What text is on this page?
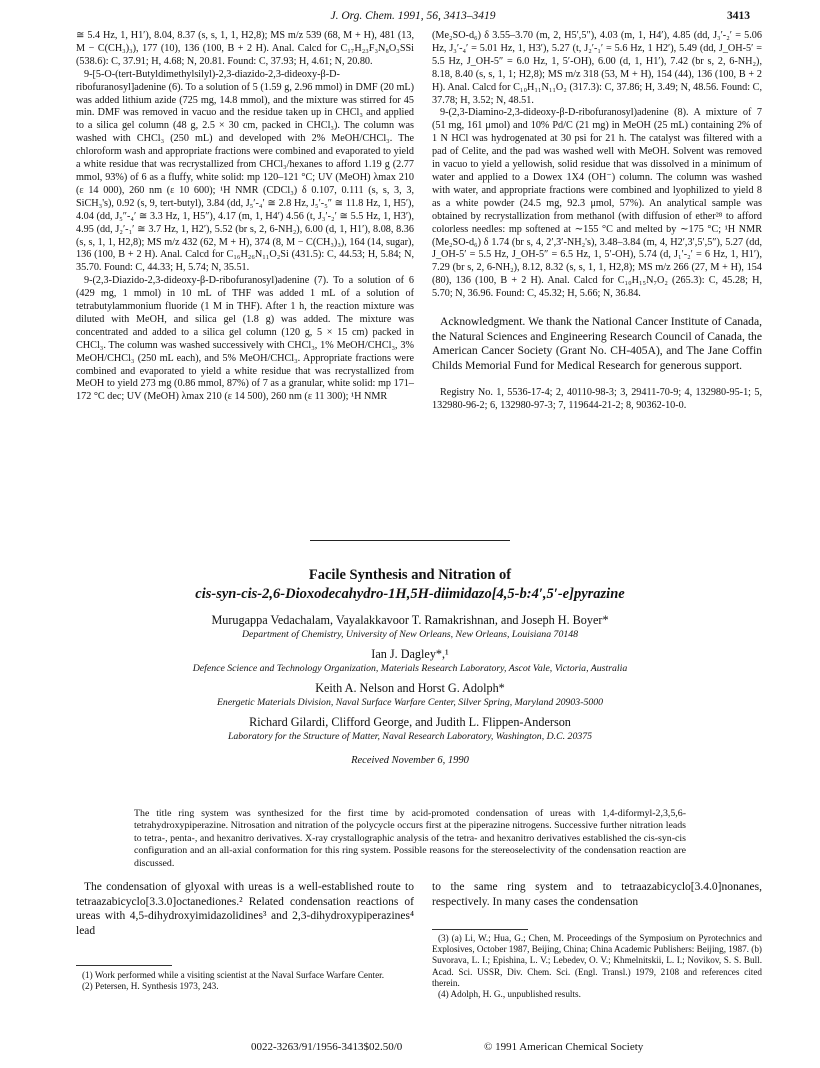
J. Org. Chem. 1991, 56, 3413–3419	3413

≅ 5.4 Hz, 1, H1′), 8.04, 8.37 (s, s, 1, 1, H2,8); MS m/z 539 (68, M + H), 481 (13, M − C(CH₃)₃), 177 (10), 136 (100, B + 2 H). Anal. Calcd for C₁₇H₂₃F₃N₈O₃SSi (538.6): C, 37.91; H, 4.68; N, 20.81. Found: C, 37.93; H, 4.61; N, 20.80.

9-[5-O-(tert-Butyldimethylsilyl)-2,3-diazido-2,3-dideoxy-β-D-ribofuranosyl]adenine (6). To a solution of 5 (1.59 g, 2.96 mmol) in DMF (20 mL) was added lithium azide (725 mg, 14.8 mmol), and the mixture was stirred for 45 min. DMF was removed in vacuo and the residue taken up in CHCl₃ and applied to a silica gel column (48 g, 2.5 × 30 cm, packed in CHCl₃). The column was washed with CHCl₃ (250 mL) and developed with 2% MeOH/CHCl₃. The chloroform wash and appropriate fractions were combined and evaporated to yield a white residue that was recrystallized from CHCl₃/hexanes to afford 1.19 g (2.77 mmol, 93%) of 6 as a fluffy, white solid: mp 120–121 °C; UV (MeOH) λmax 210 (ε 14 000), 260 nm (ε 10 600); ¹H NMR (CDCl₃) δ 0.107, 0.111 (s, s, 3, 3, SiCH₃'s), 0.92 (s, 9, tert-butyl), 3.84 (dd, J₅′-₄′ ≅ 2.8 Hz, J₅′-₅″ ≅ 11.8 Hz, 1, H5′), 4.04 (dd, J₅″-₄′ ≅ 3.3 Hz, 1, H5″), 4.17 (m, 1, H4′) 4.56 (t, J₃′-₂′ ≅ 5.5 Hz, 1, H3′), 4.95 (dd, J₂′-₁′ ≅ 3.7 Hz, 1, H2′), 5.52 (br s, 2, 6-NH₂), 6.00 (d, 1, H1′), 8.08, 8.36 (s, s, 1, 1, H2,8); MS m/z 432 (62, M + H), 374 (8, M − C(CH₃)₃), 164 (14, sugar), 136 (100, B + 2 H). Anal. Calcd for C₁₆H₂₆N₁₁O₂Si (431.5): C, 44.53; H, 5.84; N, 35.70. Found: C, 44.33; H, 5.74; N, 35.51.

9-(2,3-Diazido-2,3-dideoxy-β-D-ribofuranosyl)adenine (7). To a solution of 6 (429 mg, 1 mmol) in 10 mL of THF was added 1 mL of a solution of tetrabutylammonium fluoride (1 M in THF). After 1 h, the reaction mixture was diluted with MeOH, and silica gel (1.8 g) was added. The mixture was concentrated and added to a silica gel column (120 g, 5 × 15 cm) packed in CHCl₃. The column was washed successively with CHCl₃, 1% MeOH/CHCl₃, 3% MeOH/CHCl₃ (250 mL each), and 5% MeOH/CHCl₃. Appropriate fractions were combined and evaporated to yield a white residue that was recrystallized from MeOH to yield 273 mg (0.86 mmol, 87%) of 7 as a granular, white solid: mp 171–172 °C dec; UV (MeOH) λmax 210 (ε 14 500), 260 nm (ε 11 300); ¹H NMR

(Me₂SO-d₆) δ 3.55–3.70 (m, 2, H5′,5″), 4.03 (m, 1, H4′), 4.85 (dd, J₃′-₂′ = 5.06 Hz, J₃′-₄′ = 5.01 Hz, 1, H3′), 5.27 (t, J₂′-₁′ = 5.6 Hz, 1 H2′), 5.49 (dd, J_OH-5′ = 5.5 Hz, J_OH-5″ = 6.0 Hz, 1, 5′-OH), 6.00 (d, 1, H1′), 7.42 (br s, 2, 6-NH₂), 8.18, 8.40 (s, s, 1, 1; H2,8); MS m/z 318 (53, M + H), 154 (44), 136 (100, B + 2 H). Anal. Calcd for C₁₀H₁₁N₁₁O₂ (317.3): C, 37.86; H, 3.49; N, 48.56. Found: C, 37.78; H, 3.52; N, 48.51.

9-(2,3-Diamino-2,3-dideoxy-β-D-ribofuranosyl)adenine (8). A mixture of 7 (51 mg, 161 μmol) and 10% Pd/C (21 mg) in MeOH (25 mL) containing 2% of 1 N HCl was hydrogenated at 30 psi for 21 h. The catalyst was filtered with a pad of Celite, and the pad was washed well with MeOH. Solvent was removed in vacuo to yield a yellowish, solid residue that was dissolved in a minimum of water and applied to a Dowex 1X4 (OH⁻) column. The column was washed with water, and appropriate fractions were combined and lyophilized to yield 8 as a white powder (24.5 mg, 92.3 μmol, 57%). An analytical sample was obtained by recrystallization from methanol (with diffusion of ether²⁸ to afford colorless needles: mp softened at ∼155 °C and melted by ∼175 °C; ¹H NMR (Me₂SO-d₆) δ 1.74 (br s, 4, 2′,3′-NH₂'s), 3.48–3.84 (m, 4, H2′,3′,5′,5″), 5.27 (dd, J_OH-5′ = 5.5 Hz, J_OH-5″ = 6.5 Hz, 1, 5′-OH), 5.74 (d, J₁′-₂′ = 6 Hz, 1, H1′), 7.29 (br s, 2, 6-NH₂), 8.12, 8.32 (s, s, 1, 1, H2,8); MS m/z 266 (27, M + H), 154 (80), 136 (100, B + 2 H). Anal. Calcd for C₁₀H₁₅N₇O₂ (265.3): C, 45.28; H, 5.70; N, 36.96. Found: C, 45.32; H, 5.66; N, 36.84.

Acknowledgment. We thank the National Cancer Institute of Canada, the Natural Sciences and Engineering Research Council of Canada, the American Cancer Society (Grant No. CH-405A), and The Jane Coffin Childs Memorial Fund for Medical Research for generous support.

Registry No. 1, 5536-17-4; 2, 40110-98-3; 3, 29411-70-9; 4, 132980-95-1; 5, 132980-96-2; 6, 132980-97-3; 7, 119644-21-2; 8, 90362-10-0.

Facile Synthesis and Nitration of
cis-syn-cis-2,6-Dioxodecahydro-1H,5H-diimidazo[4,5-b:4′,5′-e]pyrazine
Murugappa Vedachalam, Vayalakkavoor T. Ramakrishnan, and Joseph H. Boyer*
Department of Chemistry, University of New Orleans, New Orleans, Louisiana 70148
Ian J. Dagley*,¹
Defence Science and Technology Organization, Materials Research Laboratory, Ascot Vale, Victoria, Australia
Keith A. Nelson and Horst G. Adolph*
Energetic Materials Division, Naval Surface Warfare Center, Silver Spring, Maryland 20903-5000
Richard Gilardi, Clifford George, and Judith L. Flippen-Anderson
Laboratory for the Structure of Matter, Naval Research Laboratory, Washington, D.C. 20375
Received November 6, 1990
The title ring system was synthesized for the first time by acid-promoted condensation of ureas with 1,4-diformyl-2,3,5,6-tetrahydroxypiperazine. Nitrosation and nitration of the polycycle occurs first at the piperazine nitrogens. Successive further nitration leads to tetra-, penta-, and hexanitro derivatives. X-ray crystallographic analysis of the tetra- and hexanitro derivatives established the cis-syn-cis configuration and an all-axial conformation for this ring system. Possible reasons for the stereoselectivity of the condensation reaction are discussed.
The condensation of glyoxal with ureas is a well-established route to tetraazabicyclo[3.3.0]octanediones.² Related condensation reactions of ureas with 4,5-dihydroxyimidazolidines³ and 2,3-dihydroxypiperazines⁴ lead
to the same ring system and to tetraazabicyclo[3.4.0]nonanes, respectively. In many cases the condensation

(1) Work performed while a visiting scientist at the Naval Surface Warfare Center.

(2) Petersen, H. Synthesis 1973, 243.

(3) (a) Li, W.; Hua, G.; Chen, M. Proceedings of the Symposium on Pyrotechnics and Explosives, October 1987, Beijing, China; China Academic Publishers: Beijing, 1987. (b) Suvorava, L. I.; Epishina, L. V.; Lebedev, O. V.; Khmelnitskii, L. I.; Novikov, S. S. Bull. Acad. Sci. USSR, Div. Chem. Sci. (Engl. Transl.) 1979, 2108 and references cited therein.

(4) Adolph, H. G., unpublished results.

0022-3263/91/1956-3413$02.50/0	© 1991 American Chemical Society
